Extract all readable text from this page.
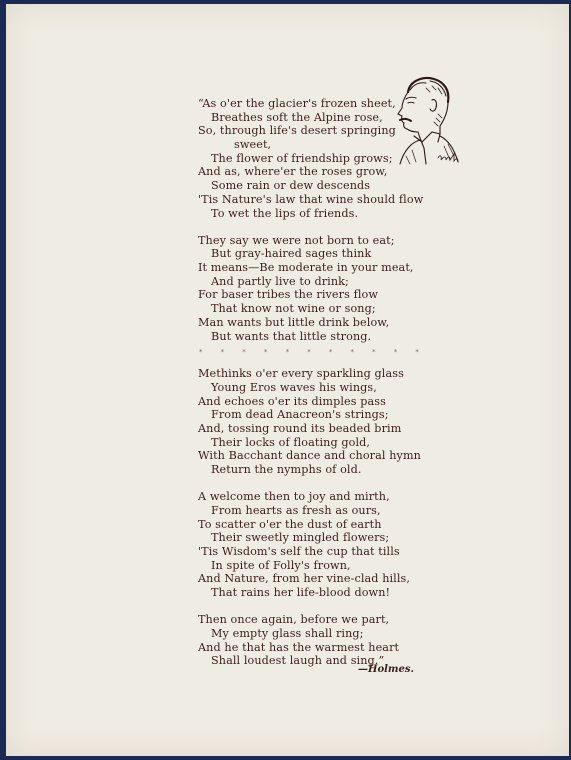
“As o'er the glacier's frozen sheet,
Breathes soft the Alpine rose,
So, through life's desert springing
sweet,
The flower of friendship grows;
And as, where'er the roses grow,
Some rain or dew descends
'Tis Nature's law that wine should flow
To wet the lips of friends.
They say we were not born to eat;
But gray-haired sages think
It means—Be moderate in your meat,
And partly live to drink;
For baser tribes the rivers flow
That know not wine or song;
Man wants but little drink below,
But wants that little strong.
Methinks o'er every sparkling glass
Young Eros waves his wings,
And echoes o'er its dimples pass
From dead Anacreon's strings;
And, tossing round its beaded brim
Their locks of floating gold,
With Bacchant dance and choral hymn
Return the nymphs of old.
A welcome then to joy and mirth,
From hearts as fresh as ours,
To scatter o'er the dust of earth
Their sweetly mingled flowers;
'Tis Wisdom's self the cup that tills
In spite of Folly's frown,
And Nature, from her vine-clad hills,
That rains her life-blood down!
Then once again, before we part,
My empty glass shall ring;
And he that has the warmest heart
Shall loudest laugh and sing.”
*	*	*	*	*	*	*	*	*	*	*
—Holmes.
